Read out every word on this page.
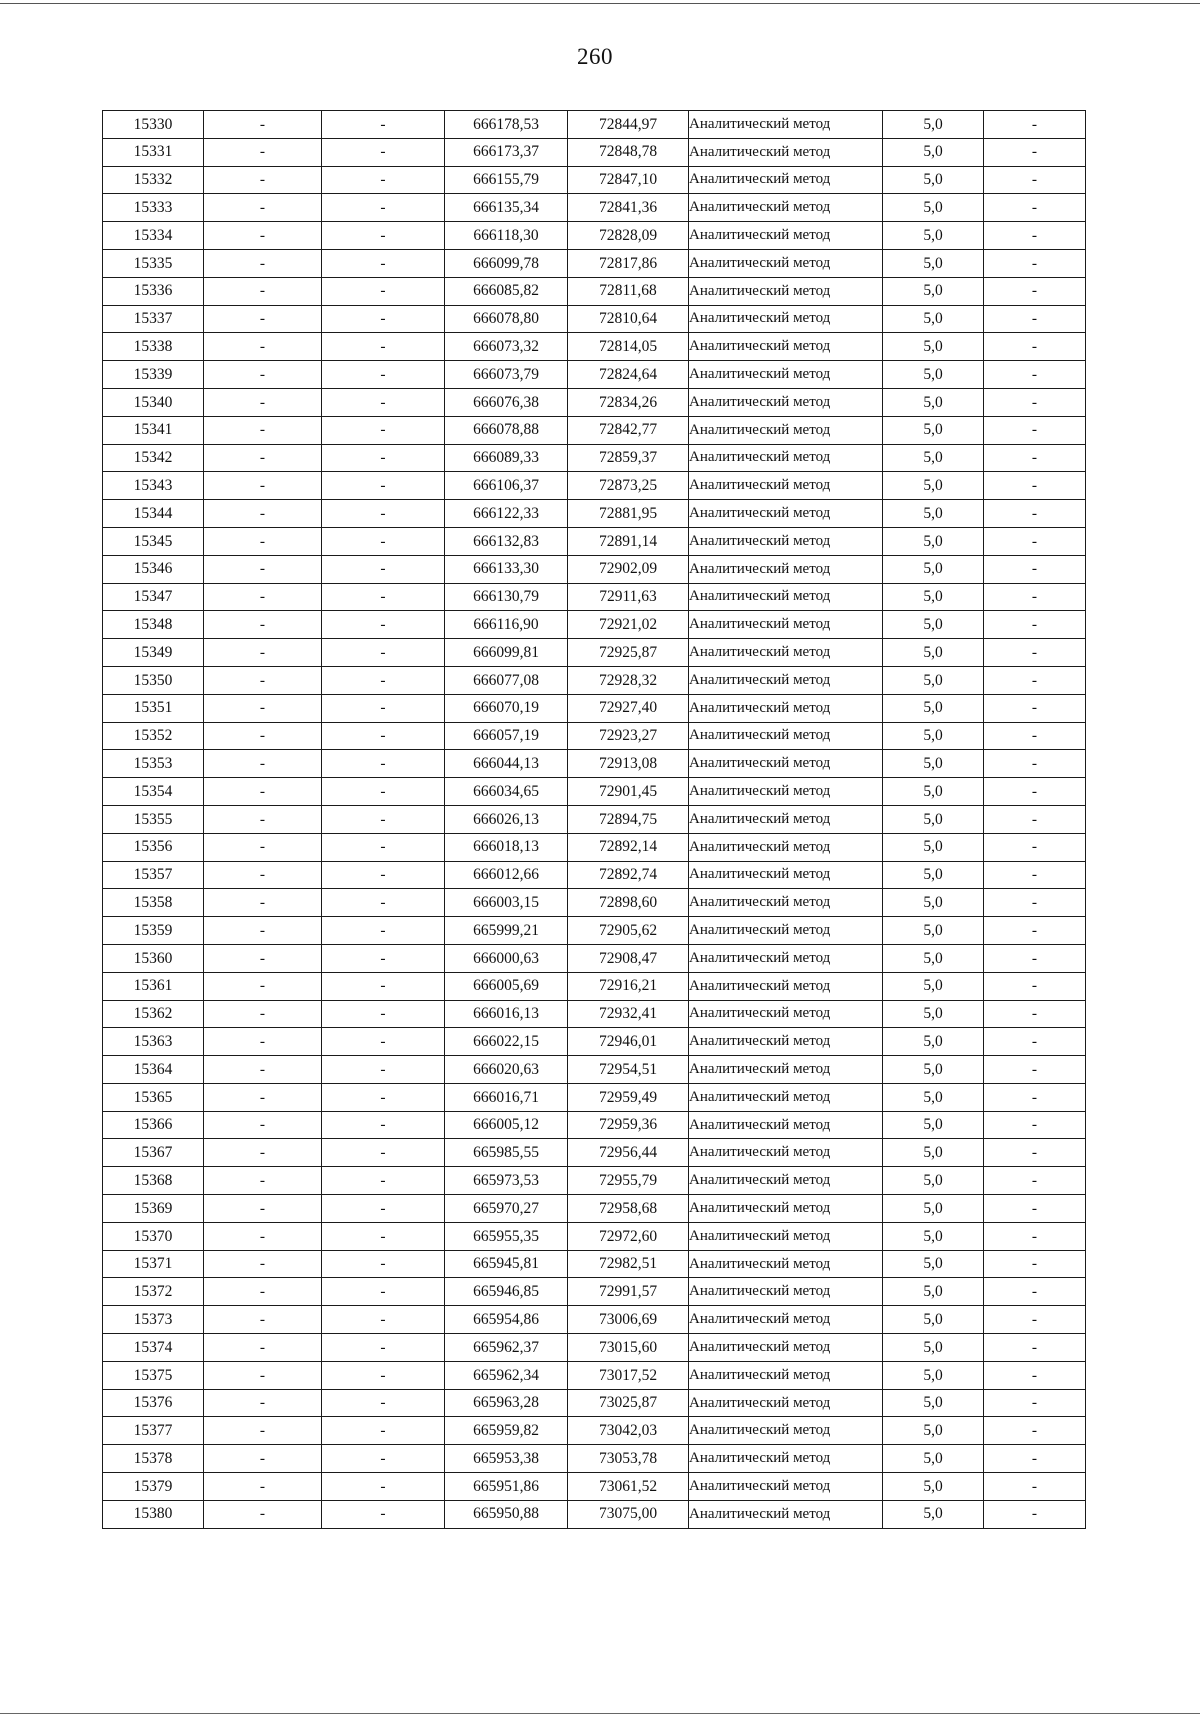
260
15330	-	-	666178,53	72844,97	Аналитический метод	5,0	-
15331	-	-	666173,37	72848,78	Аналитический метод	5,0	-
15332	-	-	666155,79	72847,10	Аналитический метод	5,0	-
15333	-	-	666135,34	72841,36	Аналитический метод	5,0	-
15334	-	-	666118,30	72828,09	Аналитический метод	5,0	-
15335	-	-	666099,78	72817,86	Аналитический метод	5,0	-
15336	-	-	666085,82	72811,68	Аналитический метод	5,0	-
15337	-	-	666078,80	72810,64	Аналитический метод	5,0	-
15338	-	-	666073,32	72814,05	Аналитический метод	5,0	-
15339	-	-	666073,79	72824,64	Аналитический метод	5,0	-
15340	-	-	666076,38	72834,26	Аналитический метод	5,0	-
15341	-	-	666078,88	72842,77	Аналитический метод	5,0	-
15342	-	-	666089,33	72859,37	Аналитический метод	5,0	-
15343	-	-	666106,37	72873,25	Аналитический метод	5,0	-
15344	-	-	666122,33	72881,95	Аналитический метод	5,0	-
15345	-	-	666132,83	72891,14	Аналитический метод	5,0	-
15346	-	-	666133,30	72902,09	Аналитический метод	5,0	-
15347	-	-	666130,79	72911,63	Аналитический метод	5,0	-
15348	-	-	666116,90	72921,02	Аналитический метод	5,0	-
15349	-	-	666099,81	72925,87	Аналитический метод	5,0	-
15350	-	-	666077,08	72928,32	Аналитический метод	5,0	-
15351	-	-	666070,19	72927,40	Аналитический метод	5,0	-
15352	-	-	666057,19	72923,27	Аналитический метод	5,0	-
15353	-	-	666044,13	72913,08	Аналитический метод	5,0	-
15354	-	-	666034,65	72901,45	Аналитический метод	5,0	-
15355	-	-	666026,13	72894,75	Аналитический метод	5,0	-
15356	-	-	666018,13	72892,14	Аналитический метод	5,0	-
15357	-	-	666012,66	72892,74	Аналитический метод	5,0	-
15358	-	-	666003,15	72898,60	Аналитический метод	5,0	-
15359	-	-	665999,21	72905,62	Аналитический метод	5,0	-
15360	-	-	666000,63	72908,47	Аналитический метод	5,0	-
15361	-	-	666005,69	72916,21	Аналитический метод	5,0	-
15362	-	-	666016,13	72932,41	Аналитический метод	5,0	-
15363	-	-	666022,15	72946,01	Аналитический метод	5,0	-
15364	-	-	666020,63	72954,51	Аналитический метод	5,0	-
15365	-	-	666016,71	72959,49	Аналитический метод	5,0	-
15366	-	-	666005,12	72959,36	Аналитический метод	5,0	-
15367	-	-	665985,55	72956,44	Аналитический метод	5,0	-
15368	-	-	665973,53	72955,79	Аналитический метод	5,0	-
15369	-	-	665970,27	72958,68	Аналитический метод	5,0	-
15370	-	-	665955,35	72972,60	Аналитический метод	5,0	-
15371	-	-	665945,81	72982,51	Аналитический метод	5,0	-
15372	-	-	665946,85	72991,57	Аналитический метод	5,0	-
15373	-	-	665954,86	73006,69	Аналитический метод	5,0	-
15374	-	-	665962,37	73015,60	Аналитический метод	5,0	-
15375	-	-	665962,34	73017,52	Аналитический метод	5,0	-
15376	-	-	665963,28	73025,87	Аналитический метод	5,0	-
15377	-	-	665959,82	73042,03	Аналитический метод	5,0	-
15378	-	-	665953,38	73053,78	Аналитический метод	5,0	-
15379	-	-	665951,86	73061,52	Аналитический метод	5,0	-
15380	-	-	665950,88	73075,00	Аналитический метод	5,0	-
